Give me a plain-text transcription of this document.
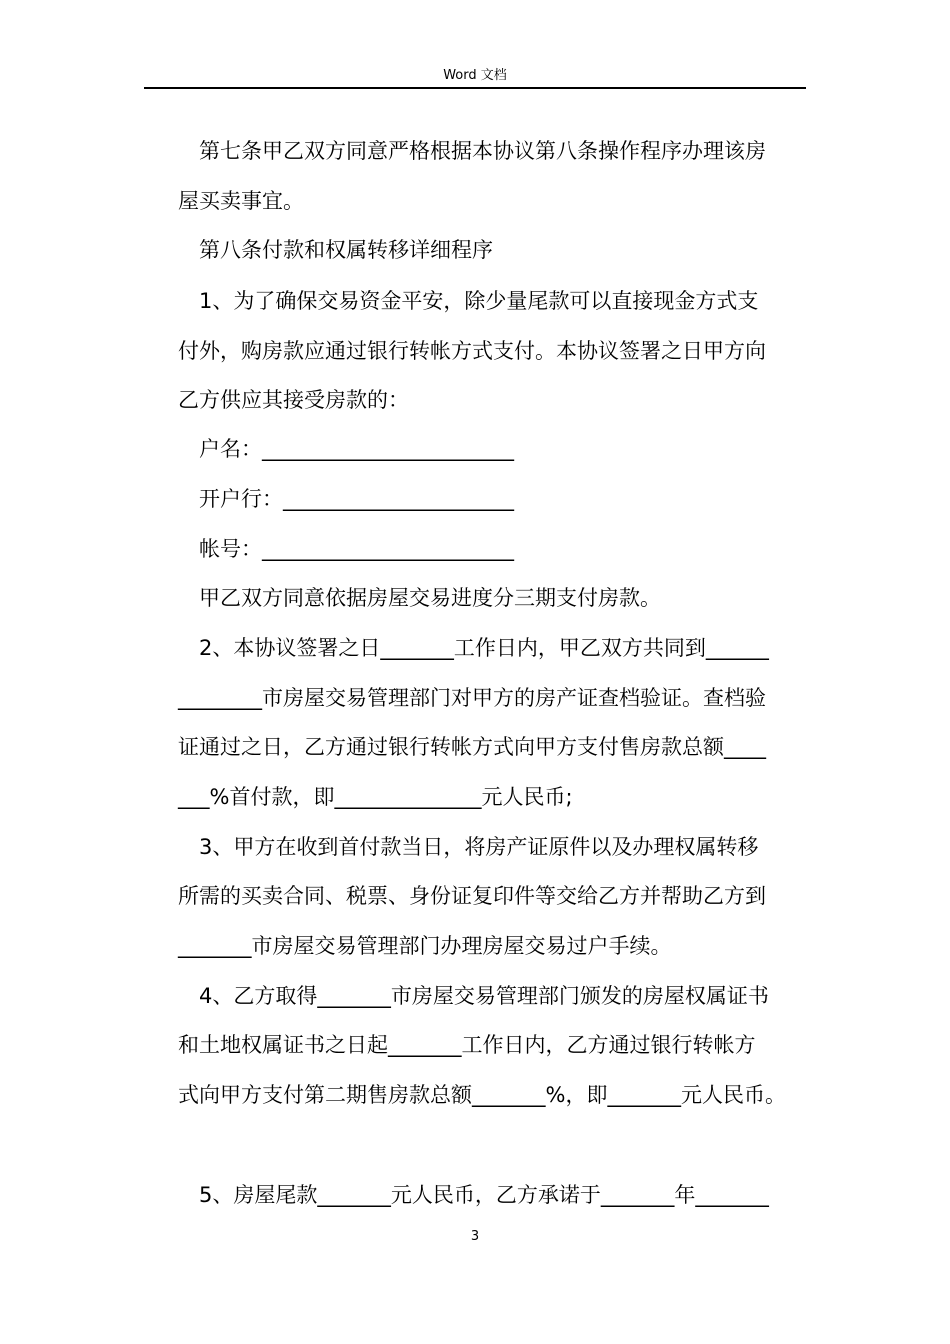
Word 文档
第七条甲乙双方同意严格根据本协议第八条操作程序办理该房
屋买卖事宜。
第八条付款和权属转移详细程序
1、为了确保交易资金平安，除少量尾款可以直接现金方式支
付外，购房款应通过银行转帐方式支付。本协议签署之日甲方向
乙方供应其接受房款的：
户名：________________________
开户行：______________________
帐号：________________________
甲乙双方同意依据房屋交易进度分三期支付房款。
2、本协议签署之日_______工作日内，甲乙双方共同到______
________市房屋交易管理部门对甲方的房产证查档验证。查档验
证通过之日，乙方通过银行转帐方式向甲方支付售房款总额____
___%首付款，即______________元人民币;
3、甲方在收到首付款当日，将房产证原件以及办理权属转移
所需的买卖合同、税票、身份证复印件等交给乙方并帮助乙方到
_______市房屋交易管理部门办理房屋交易过户手续。
4、乙方取得_______市房屋交易管理部门颁发的房屋权属证书
和土地权属证书之日起_______工作日内，乙方通过银行转帐方
式向甲方支付第二期售房款总额_______%，即_______元人民币。
5、房屋尾款_______元人民币，乙方承诺于_______年_______
3
